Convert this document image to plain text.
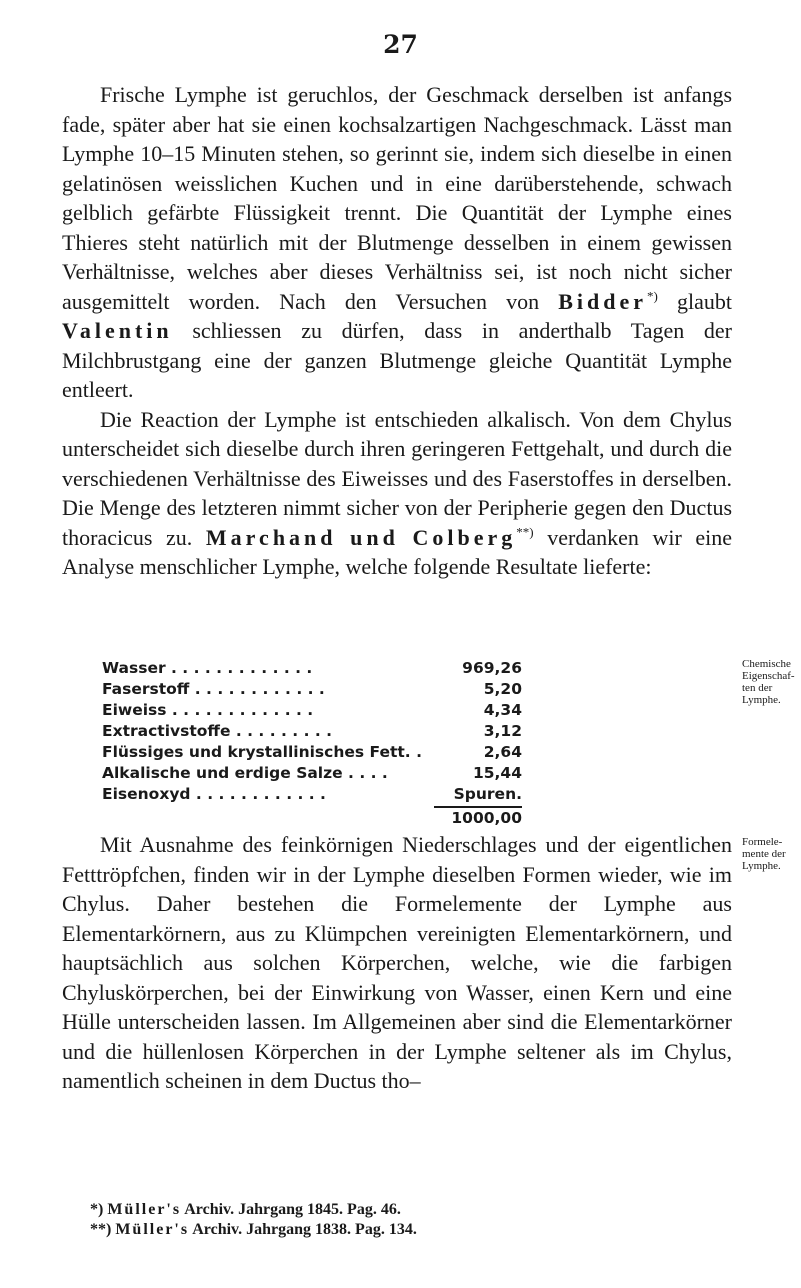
27

Frische Lymphe ist geruchlos, der Geschmack derselben ist anfangs fade, später aber hat sie einen kochsalzartigen Nachgeschmack. Lässt man Lymphe 10–15 Minuten stehen, so gerinnt sie, indem sich dieselbe in einen gelatinösen weisslichen Kuchen und in eine darüberstehende, schwach gelblich gefärbte Flüssigkeit trennt. Die Quantität der Lymphe eines Thieres steht natürlich mit der Blutmenge desselben in einem gewissen Verhältnisse, welches aber dieses Verhältniss sei, ist noch nicht sicher ausgemittelt worden. Nach den Versuchen von Bidder*) glaubt Valentin schliessen zu dürfen, dass in anderthalb Tagen der Milchbrustgang eine der ganzen Blutmenge gleiche Quantität Lymphe entleert.

Die Reaction der Lymphe ist entschieden alkalisch. Von dem Chylus unterscheidet sich dieselbe durch ihren geringeren Fettgehalt, und durch die verschiedenen Verhältnisse des Eiweisses und des Faserstoffes in derselben. Die Menge des letzteren nimmt sicher von der Peripherie gegen den Ductus thoracicus zu. Marchand und Colberg**) verdanken wir eine Analyse menschlicher Lymphe, welche folgende Resultate lieferte:

Chemische
Eigenschaf-
ten der
Lymphe.
Wasser . . . . . . . . . . . . .	969,26
Faserstoff . . . . . . . . . . . .	5,20
Eiweiss . . . . . . . . . . . . .	4,34
Extractivstoffe . . . . . . . . .	3,12
Flüssiges und krystallinisches Fett. .	2,64
Alkalische und erdige Salze . . . .	15,44
Eisenoxyd . . . . . . . . . . . .	Spuren.
1000,00

Mit Ausnahme des feinkörnigen Niederschlages und der eigentlichen Fetttröpfchen, finden wir in der Lymphe dieselben Formen wieder, wie im Chylus. Daher bestehen die Formelemente der Lymphe aus Elementarkörnern, aus zu Klümpchen vereinigten Elementarkörnern, und hauptsächlich aus solchen Körperchen, welche, wie die farbigen Chyluskörperchen, bei der Einwirkung von Wasser, einen Kern und eine Hülle unterscheiden lassen. Im Allgemeinen aber sind die Elementarkörner und die hüllenlosen Körperchen in der Lymphe seltener als im Chylus, namentlich scheinen in dem Ductus tho–

Formele-
mente der
Lymphe.

*) Müller's Archiv. Jahrgang 1845. Pag. 46.

**) Müller's Archiv. Jahrgang 1838. Pag. 134.
